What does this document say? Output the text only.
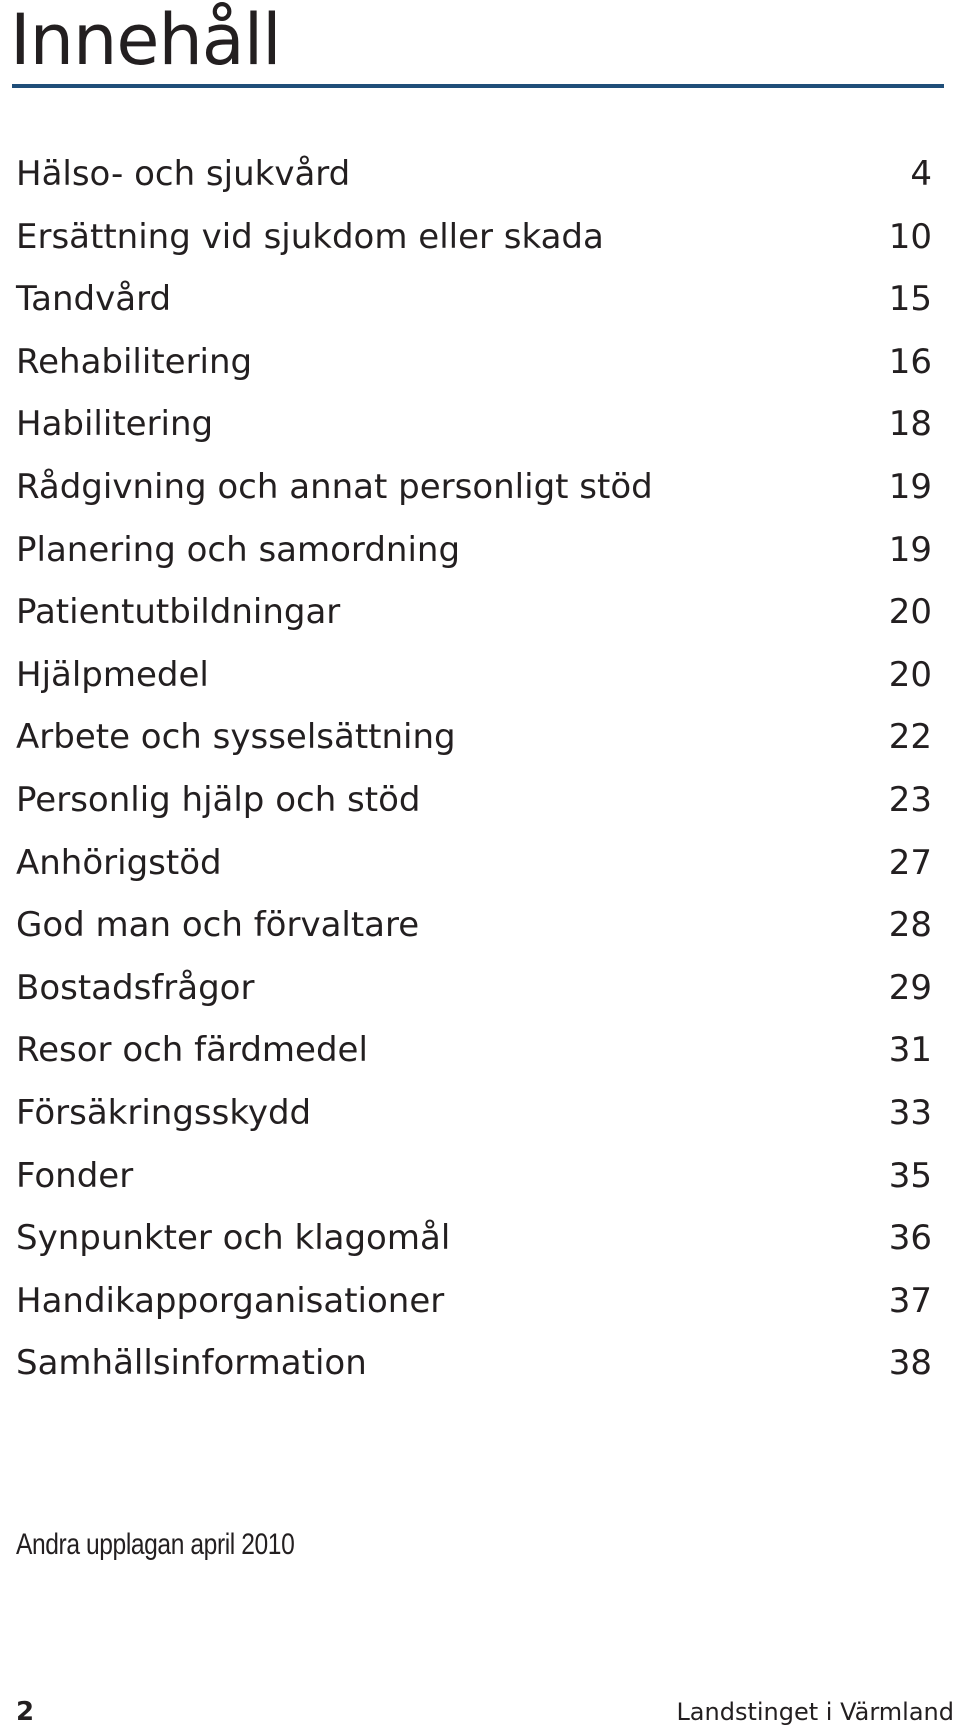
Innehåll
Hälso- och sjukvård	4
Ersättning vid sjukdom eller skada	10
Tandvård	15
Rehabilitering	16
Habilitering	18
Rådgivning och annat personligt stöd	19
Planering och samordning	19
Patientutbildningar	20
Hjälpmedel	20
Arbete och sysselsättning	22
Personlig hjälp och stöd	23
Anhörigstöd	27
God man och förvaltare	28
Bostadsfrågor	29
Resor och färdmedel	31
Försäkringsskydd	33
Fonder	35
Synpunkter och klagomål	36
Handikapporganisationer	37
Samhällsinformation	38
Andra upplagan april 2010
2	Landstinget i Värmland
